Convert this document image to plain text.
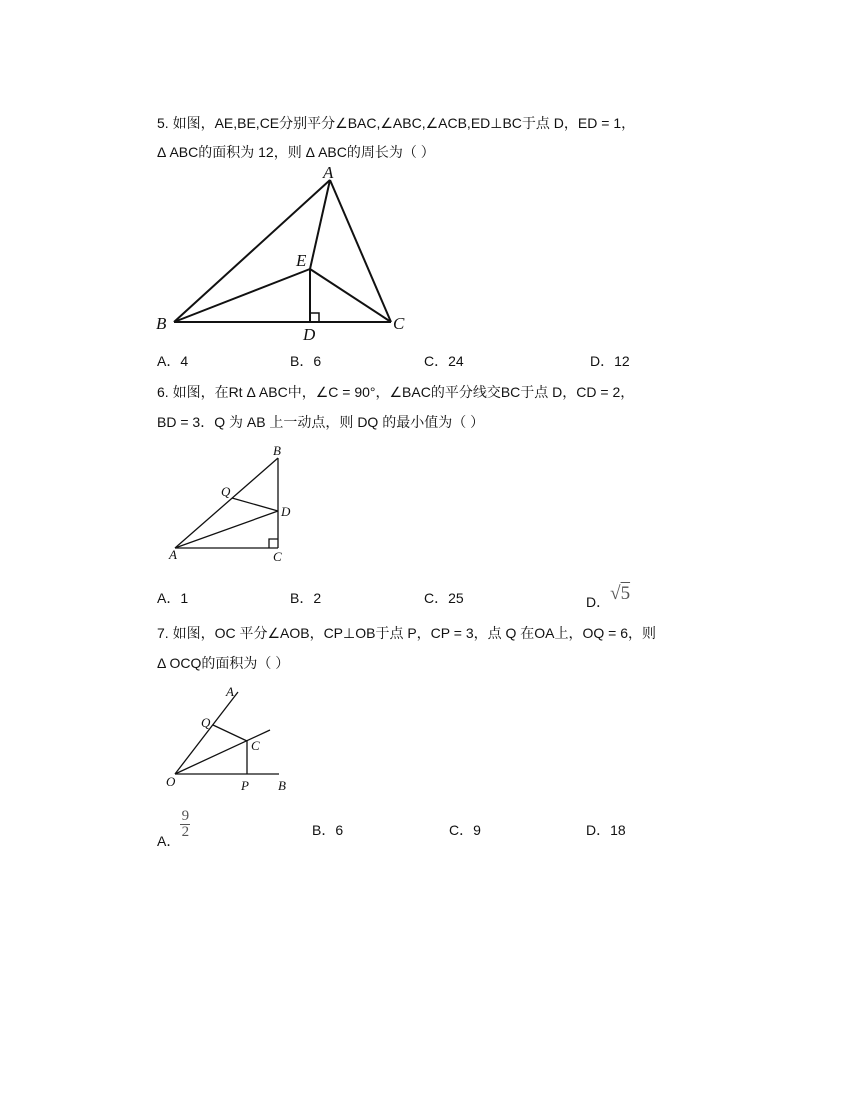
5. 如图，AE,BE,CE分别平分∠BAC,∠ABC,∠ACB,ED⊥BC于点 D，ED = 1，
Δ ABC的面积为 12，则 Δ ABC的周长为（ ）
A
B	C
D
E
A．4	B．6	C．24	D．12
6. 如图，在Rt Δ ABC中，∠C = 90°，∠BAC的平分线交BC于点 D，CD = 2，
BD = 3．Q 为 AB 上一动点，则 DQ 的最小值为（ ）
A
B
C
D
Q
A．1	B．2	C．25	D．√5
7. 如图，OC 平分∠AOB，CP⊥OB于点 P，CP = 3，点 Q 在OA上，OQ = 6，则
Δ OCQ的面积为（ ）
A
B
C
O	P
Q
A．$\frac{9}{2}$	B．6	C．9	D．18
